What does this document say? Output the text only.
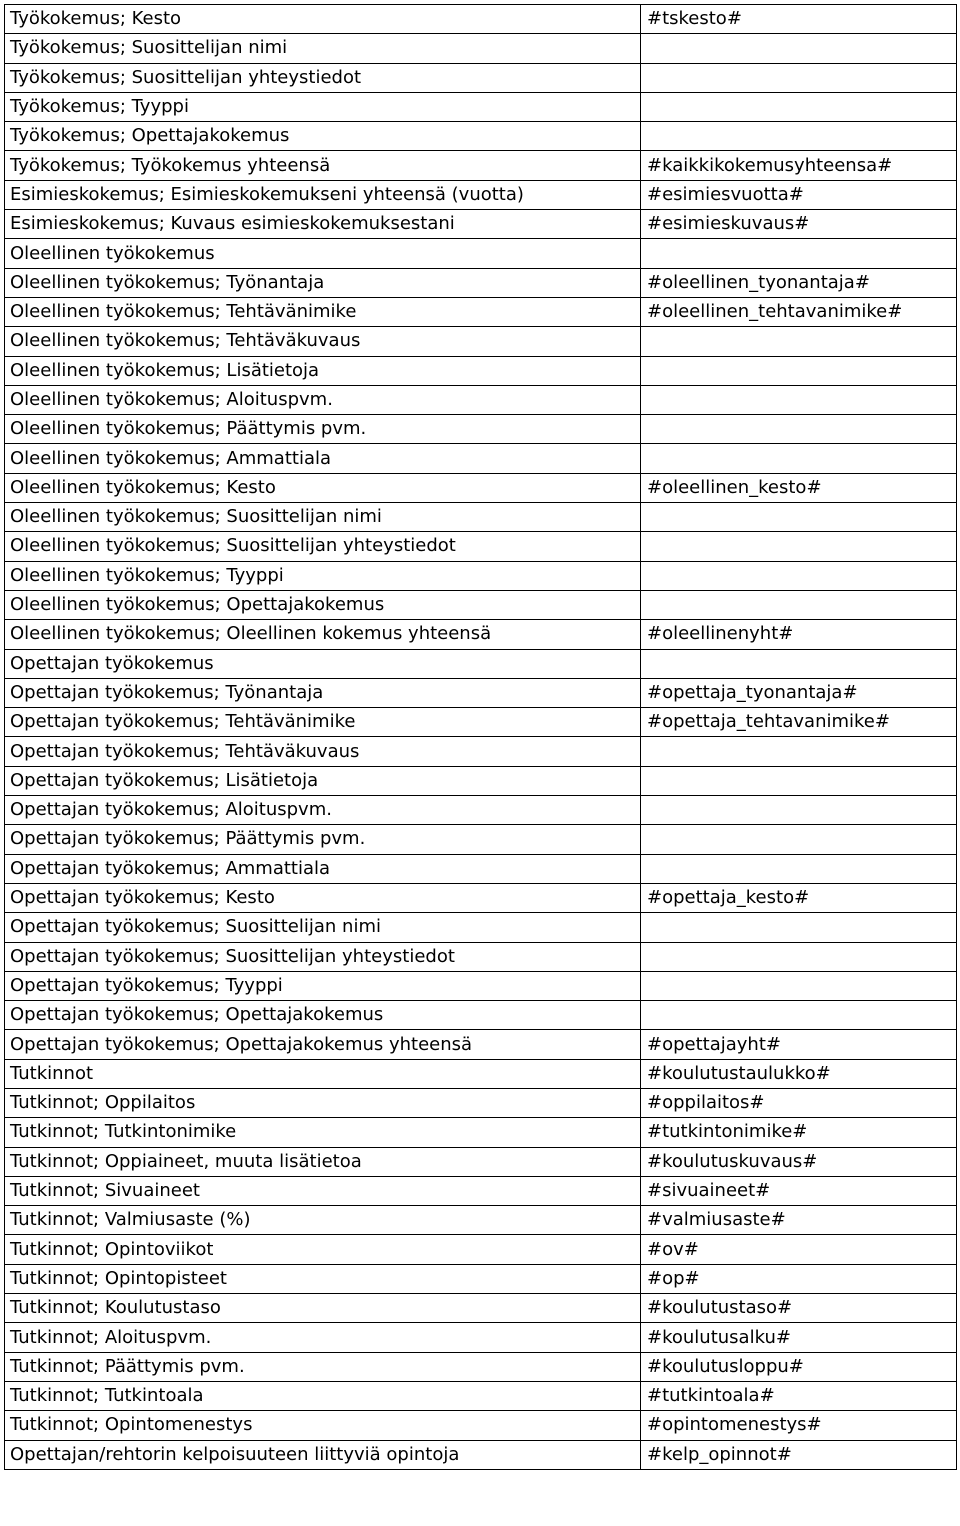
Työkokemus; Kesto	#tskesto#
Työkokemus; Suosittelijan nimi	
Työkokemus; Suosittelijan yhteystiedot	
Työkokemus; Tyyppi	
Työkokemus; Opettajakokemus	
Työkokemus; Työkokemus yhteensä	#kaikkikokemusyhteensa#
Esimieskokemus; Esimieskokemukseni yhteensä (vuotta)	#esimiesvuotta#
Esimieskokemus; Kuvaus esimieskokemuksestani	#esimieskuvaus#
Oleellinen työkokemus	
Oleellinen työkokemus; Työnantaja	#oleellinen_tyonantaja#
Oleellinen työkokemus; Tehtävänimike	#oleellinen_tehtavanimike#
Oleellinen työkokemus; Tehtäväkuvaus	
Oleellinen työkokemus; Lisätietoja	
Oleellinen työkokemus; Aloituspvm.	
Oleellinen työkokemus; Päättymis pvm.	
Oleellinen työkokemus; Ammattiala	
Oleellinen työkokemus; Kesto	#oleellinen_kesto#
Oleellinen työkokemus; Suosittelijan nimi	
Oleellinen työkokemus; Suosittelijan yhteystiedot	
Oleellinen työkokemus; Tyyppi	
Oleellinen työkokemus; Opettajakokemus	
Oleellinen työkokemus; Oleellinen kokemus yhteensä	#oleellinenyht#
Opettajan työkokemus	
Opettajan työkokemus; Työnantaja	#opettaja_tyonantaja#
Opettajan työkokemus; Tehtävänimike	#opettaja_tehtavanimike#
Opettajan työkokemus; Tehtäväkuvaus	
Opettajan työkokemus; Lisätietoja	
Opettajan työkokemus; Aloituspvm.	
Opettajan työkokemus; Päättymis pvm.	
Opettajan työkokemus; Ammattiala	
Opettajan työkokemus; Kesto	#opettaja_kesto#
Opettajan työkokemus; Suosittelijan nimi	
Opettajan työkokemus; Suosittelijan yhteystiedot	
Opettajan työkokemus; Tyyppi	
Opettajan työkokemus; Opettajakokemus	
Opettajan työkokemus; Opettajakokemus yhteensä	#opettajayht#
Tutkinnot	#koulutustaulukko#
Tutkinnot; Oppilaitos	#oppilaitos#
Tutkinnot; Tutkintonimike	#tutkintonimike#
Tutkinnot; Oppiaineet, muuta lisätietoa	#koulutuskuvaus#
Tutkinnot; Sivuaineet	#sivuaineet#
Tutkinnot; Valmiusaste (%)	#valmiusaste#
Tutkinnot; Opintoviikot	#ov#
Tutkinnot; Opintopisteet	#op#
Tutkinnot; Koulutustaso	#koulutustaso#
Tutkinnot; Aloituspvm.	#koulutusalku#
Tutkinnot; Päättymis pvm.	#koulutusloppu#
Tutkinnot; Tutkintoala	#tutkintoala#
Tutkinnot; Opintomenestys	#opintomenestys#
Opettajan/rehtorin kelpoisuuteen liittyviä opintoja	#kelp_opinnot#
